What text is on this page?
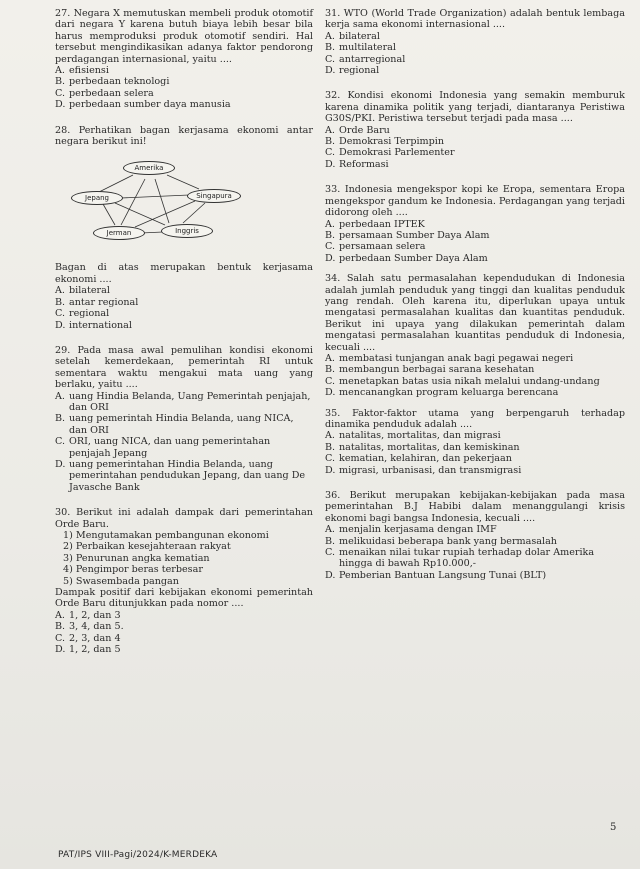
27. Negara X memutuskan membeli produk otomotif dari negara Y karena butuh biaya lebih besar bila harus memproduksi produk otomotif sendiri. Hal tersebut mengindikasikan adanya faktor pendorong perdagangan internasional, yaitu ....
A. efisiensi
B. perbedaan teknologi
C. perbedaan selera
D. perbedaan sumber daya manusia
28. Perhatikan bagan kerjasama ekonomi antar negara berikut ini!
Amerika
Jepang	Singapura
Jerman	Inggris
Bagan di atas merupakan bentuk kerjasama ekonomi ....
A. bilateral
B. antar regional
C. regional
D. international
29. Pada masa awal pemulihan kondisi ekonomi setelah kemerdekaan, pemerintah RI untuk sementara waktu mengakui mata uang yang berlaku, yaitu ....
A. uang Hindia Belanda, Uang Pemerintah penjajah, dan ORI
B. uang pemerintah Hindia Belanda, uang NICA, dan ORI
C. ORI, uang NICA, dan uang pemerintahan penjajah Jepang
D. uang pemerintahan Hindia Belanda, uang pemerintahan pendudukan Jepang, dan uang De Javasche Bank
30. Berikut ini adalah dampak dari pemerintahan Orde Baru.
1) Mengutamakan pembangunan ekonomi
2) Perbaikan kesejahteraan rakyat
3) Penurunan angka kematian
4) Pengimpor beras terbesar
5) Swasembada pangan
Dampak positif dari kebijakan ekonomi pemerintah Orde Baru ditunjukkan pada nomor ....
A. 1, 2, dan 3
B. 3, 4, dan 5.
C. 2, 3, dan 4
D. 1, 2, dan 5
31. WTO (World Trade Organization) adalah bentuk lembaga kerja sama ekonomi internasional ....
A. bilateral
B. multilateral
C. antarregional
D. regional
32. Kondisi ekonomi Indonesia yang semakin memburuk karena dinamika politik yang terjadi, diantaranya Peristiwa G30S/PKI. Peristiwa tersebut terjadi pada masa ....
A. Orde Baru
B. Demokrasi Terpimpin
C. Demokrasi Parlementer
D. Reformasi
33. Indonesia mengekspor kopi ke Eropa, sementara Eropa mengekspor gandum ke Indonesia. Perdagangan yang terjadi didorong oleh ....
A. perbedaan IPTEK
B. persamaan Sumber Daya Alam
C. persamaan selera
D. perbedaan Sumber Daya Alam
34. Salah satu permasalahan kependudukan di Indonesia adalah jumlah penduduk yang tinggi dan kualitas penduduk yang rendah. Oleh karena itu, diperlukan upaya untuk mengatasi permasalahan kualitas dan kuantitas penduduk. Berikut ini upaya yang dilakukan pemerintah dalam mengatasi permasalahan kuantitas penduduk di Indonesia, kecuali ....
A. membatasi tunjangan anak bagi pegawai negeri
B. membangun berbagai sarana kesehatan
C. menetapkan batas usia nikah melalui undang-undang
D. mencanangkan program keluarga berencana
35. Faktor-faktor utama yang berpengaruh terhadap dinamika penduduk adalah ....
A. natalitas, mortalitas, dan migrasi
B. natalitas, mortalitas, dan kemiskinan
C. kematian, kelahiran, dan pekerjaan
D. migrasi, urbanisasi, dan transmigrasi
36. Berikut merupakan kebijakan-kebijakan pada masa pemerintahan B.J Habibi dalam menanggulangi krisis ekonomi bagi bangsa Indonesia, kecuali ....
A. menjalin kerjasama dengan IMF
B. melikuidasi beberapa bank yang bermasalah
C. menaikan nilai tukar rupiah terhadap dolar Amerika hingga di bawah Rp10.000,-
D. Pemberian Bantuan Langsung Tunai (BLT)
5
PAT/IPS VIII-Pagi/2024/K-MERDEKA
